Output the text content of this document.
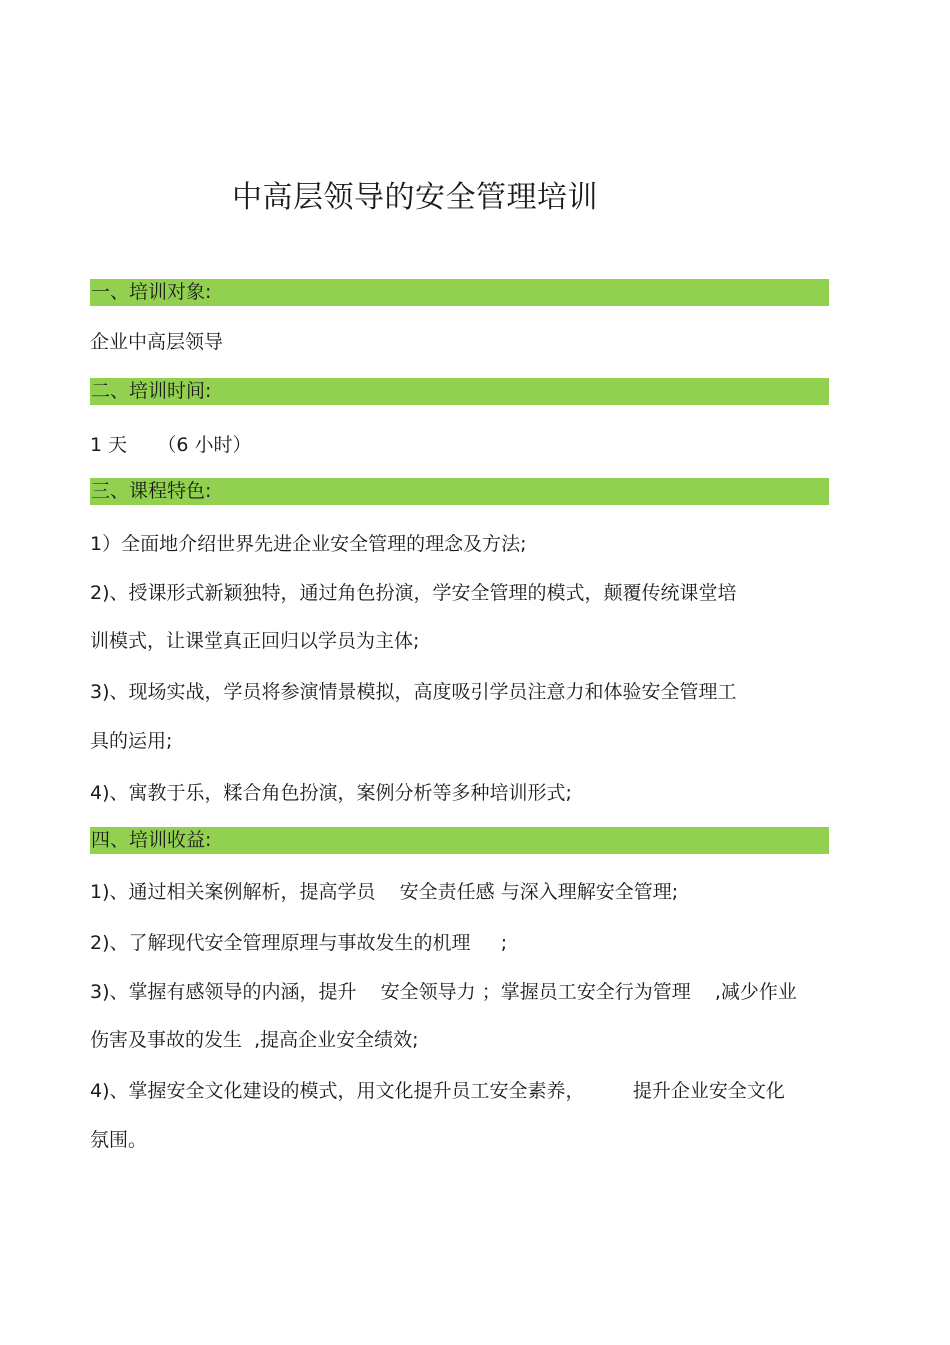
中高层领导的安全管理培训
一、培训对象:
企业中高层领导
二、培训时间:
1 天     （6 小时）
三、课程特色:
1）全面地介绍世界先进企业安全管理的理念及方法;
2)、授课形式新颖独特，通过角色扮演，学安全管理的模式，颠覆传统课堂培
训模式，让课堂真正回归以学员为主体;
3)、现场实战，学员将参演情景模拟，高度吸引学员注意力和体验安全管理工
具的运用;
4)、寓教于乐，糅合角色扮演，案例分析等多种培训形式;
四、培训收益:
1)、通过相关案例解析，提高学员    安全责任感 与深入理解安全管理;
2)、了解现代安全管理原理与事故发生的机理     ;
3)、掌握有感领导的内涵，提升    安全领导力 ；掌握员工安全行为管理    ,减少作业
伤害及事故的发生  ,提高企业安全绩效;
4)、掌握安全文化建设的模式，用文化提升员工安全素养，        提升企业安全文化
氛围。
